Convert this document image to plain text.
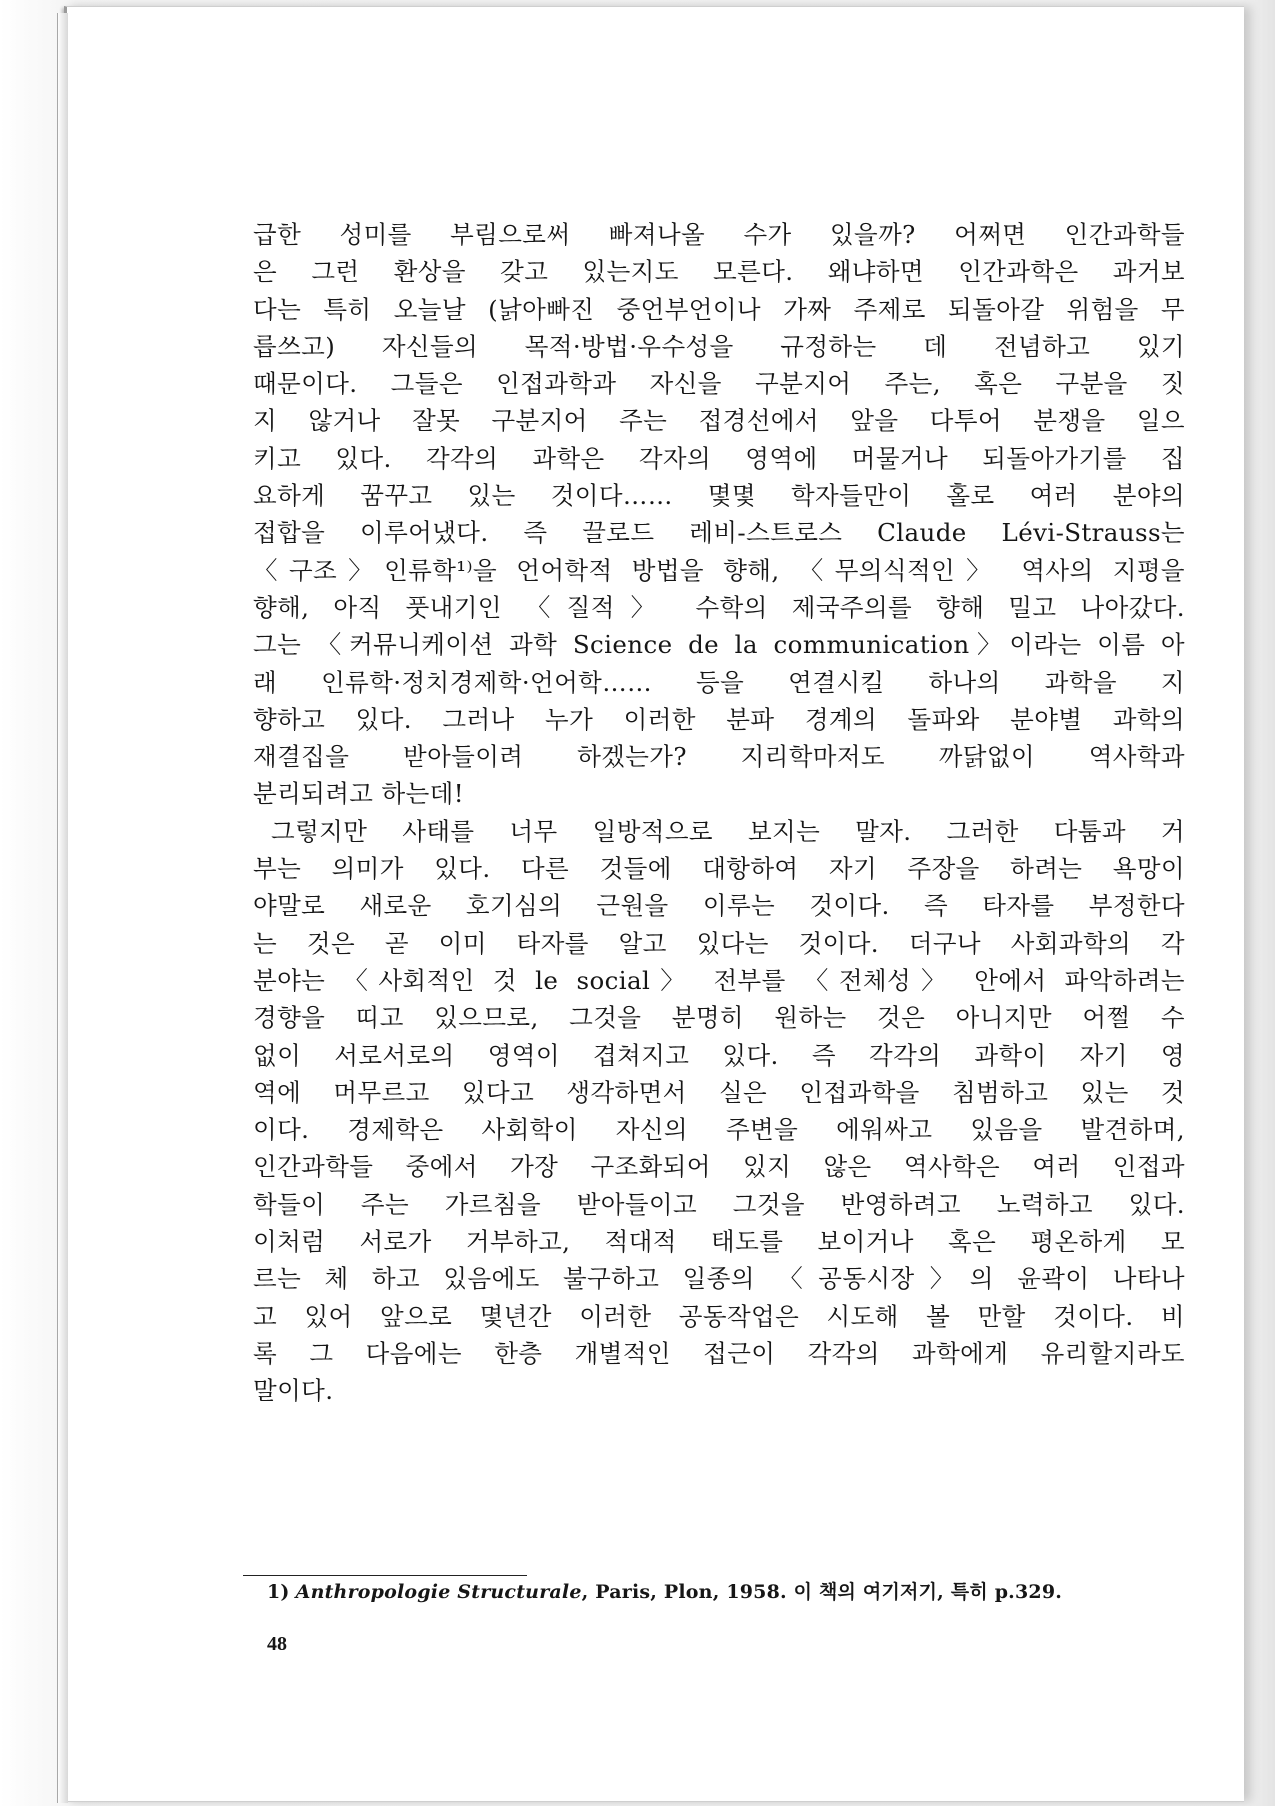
급한 성미를 부림으로써 빠져나올 수가 있을까? 어쩌면 인간과학들
은 그런 환상을 갖고 있는지도 모른다. 왜냐하면 인간과학은 과거보
다는 특히 오늘날 (낡아빠진 중언부언이나 가짜 주제로 되돌아갈 위험을 무
릅쓰고) 자신들의 목적·방법·우수성을 규정하는 데 전념하고 있기
때문이다. 그들은 인접과학과 자신을 구분지어 주는, 혹은 구분을 짓
지 않거나 잘못 구분지어 주는 접경선에서 앞을 다투어 분쟁을 일으
키고 있다. 각각의 과학은 각자의 영역에 머물거나 되돌아가기를 집
요하게 꿈꾸고 있는 것이다…… 몇몇 학자들만이 홀로 여러 분야의
접합을 이루어냈다. 즉 끌로드 레비-스트로스 Claude Lévi-Strauss는
〈구조〉인류학¹⁾을 언어학적 방법을 향해, 〈무의식적인〉 역사의 지평을
향해, 아직 풋내기인 〈질적〉 수학의 제국주의를 향해 밀고 나아갔다.
그는 〈커뮤니케이션 과학 Science de la communication〉이라는 이름 아
래 인류학·정치경제학·언어학…… 등을 연결시킬 하나의 과학을 지
향하고 있다. 그러나 누가 이러한 분파 경계의 돌파와 분야별 과학의
재결집을 받아들이려 하겠는가? 지리학마저도 까닭없이 역사학과
분리되려고 하는데!
그렇지만 사태를 너무 일방적으로 보지는 말자. 그러한 다툼과 거
부는 의미가 있다. 다른 것들에 대항하여 자기 주장을 하려는 욕망이
야말로 새로운 호기심의 근원을 이루는 것이다. 즉 타자를 부정한다
는 것은 곧 이미 타자를 알고 있다는 것이다. 더구나 사회과학의 각
분야는 〈사회적인 것 le social〉 전부를 〈전체성〉 안에서 파악하려는
경향을 띠고 있으므로, 그것을 분명히 원하는 것은 아니지만 어쩔 수
없이 서로서로의 영역이 겹쳐지고 있다. 즉 각각의 과학이 자기 영
역에 머무르고 있다고 생각하면서 실은 인접과학을 침범하고 있는 것
이다. 경제학은 사회학이 자신의 주변을 에워싸고 있음을 발견하며,
인간과학들 중에서 가장 구조화되어 있지 않은 역사학은 여러 인접과
학들이 주는 가르침을 받아들이고 그것을 반영하려고 노력하고 있다.
이처럼 서로가 거부하고, 적대적 태도를 보이거나 혹은 평온하게 모
르는 체 하고 있음에도 불구하고 일종의 〈공동시장〉의 윤곽이 나타나
고 있어 앞으로 몇년간 이러한 공동작업은 시도해 볼 만할 것이다. 비
록 그 다음에는 한층 개별적인 접근이 각각의 과학에게 유리할지라도
말이다.
1) Anthropologie Structurale, Paris, Plon, 1958. 이 책의 여기저기, 특히 p.329.
48
